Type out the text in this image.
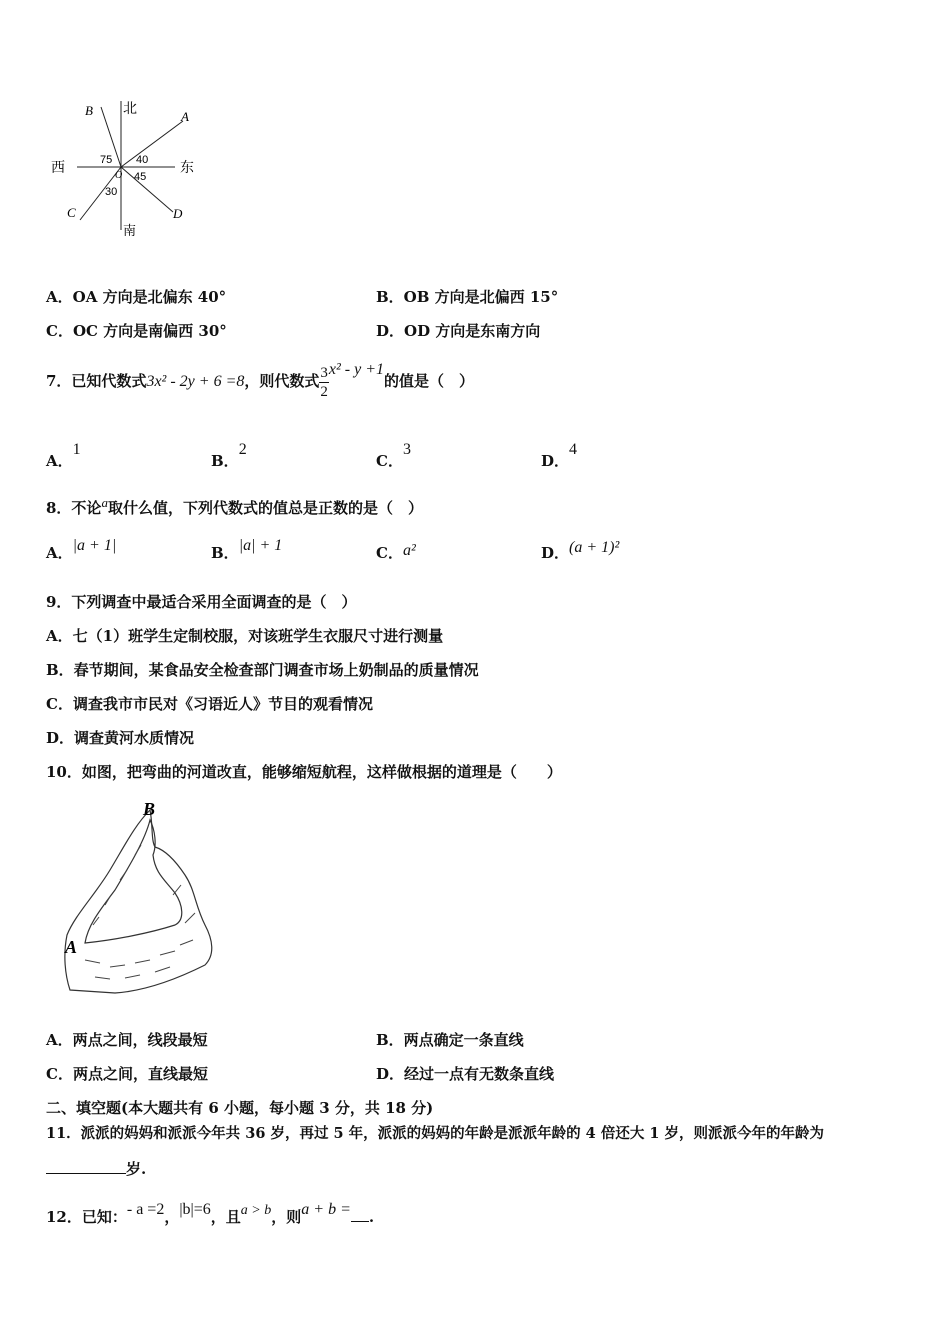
北
南
西	东
A
B
C	D
O
40
75
45
30
A．OA 方向是北偏东 40°	B．OB 方向是北偏西 15°
C．OC 方向是南偏西 30°	D．OD 方向是东南方向
7．已知代数式3x² - 2y + 6 =8，则代数式 $\frac{3}{2} x^2 - y +1$的值是（　）
A．1
B．2
C．3
D．4
8．不论a取什么值，下列代数式的值总是正数的是（　）
A．|a + 1|	B．|a| + 1	C．a²	D．(a + 1)²
9．下列调查中最适合采用全面调查的是（　）
A．七（1）班学生定制校服，对该班学生衣服尺寸进行测量
B．春节期间，某食品安全检查部门调查市场上奶制品的质量情况
C．调查我市市民对《习语近人》节目的观看情况
D．调查黄河水质情况
10．如图，把弯曲的河道改直，能够缩短航程，这样做根据的道理是（　　）
B
A
A．两点之间，线段最短	B．两点确定一条直线
C．两点之间，直线最短	D．经过一点有无数条直线
二、填空题(本大题共有 6 小题，每小题 3 分，共 18 分)
11．派派的妈妈和派派今年共 36 岁，再过 5 年，派派的妈妈的年龄是派派年龄的 4 倍还大 1 岁，则派派今年的年龄为
岁.
12．已知：- a =2，|b|=6，且a > b，则a + b = .
